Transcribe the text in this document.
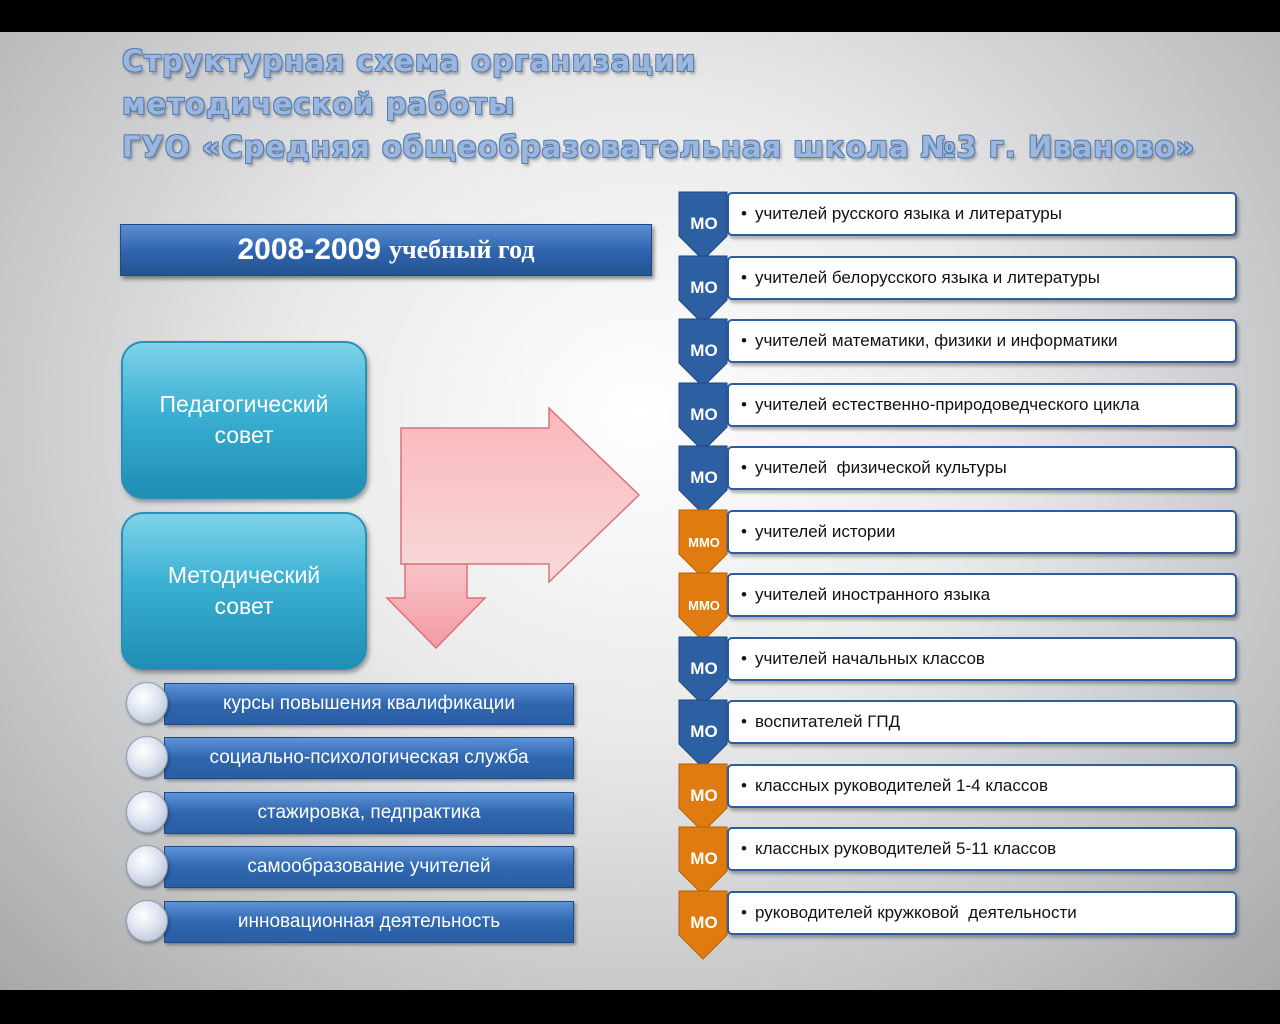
Структурная схема организации
методической работы
ГУО «Средняя общеобразовательная школа №3 г. Иваново»
2008-2009 учебный год
Педагогический
совет
Методический
совет
курсы повышения квалификации
социально-психологическая служба
стажировка, педпрактика
самообразование учителей
инновационная деятельность
МО
• учителей русского языка и литературы
МО
• учителей белорусского языка и литературы
МО
• учителей математики, физики и информатики
МО
• учителей естественно-природоведческого цикла
МО
• учителей  физической культуры
ММО
• учителей истории
ММО
• учителей иностранного языка
МО
• учителей начальных классов
МО
• воспитателей ГПД
МО
• классных руководителей 1-4 классов
МО
• классных руководителей 5-11 классов
МО
• руководителей кружковой  деятельности
